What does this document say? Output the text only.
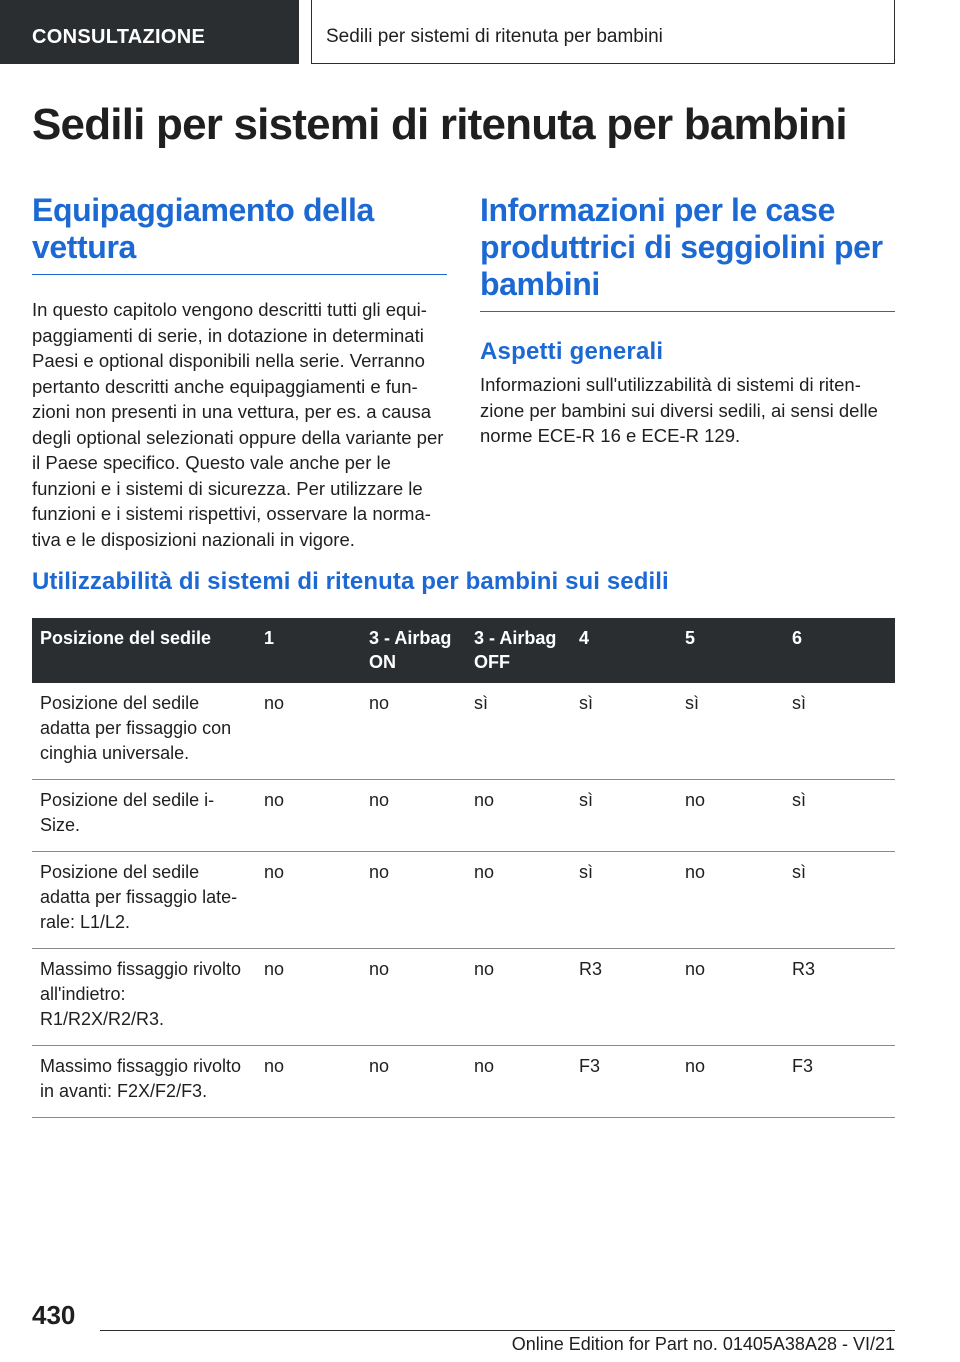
CONSULTAZIONE	Sedili per sistemi di ritenuta per bambini
Sedili per sistemi di ritenuta per bambini
Equipaggiamento della vettura

In questo capitolo vengono descritti tutti gli equipaggiamenti di serie, in dotazione in determinati Paesi e optional disponibili nella serie. Verranno pertanto descritti anche equipaggiamenti e funzioni non presenti in una vettura, per es. a causa degli optional selezionati oppure della variante per il Paese specifico. Questo vale anche per le funzioni e i sistemi di sicurezza. Per utilizzare le funzioni e i sistemi rispettivi, osservare la normativa e le disposizioni nazionali in vigore.

Informazioni per le case produttrici di seggiolini per bambini
Aspetti generali

Informazioni sull'utilizzabilità di sistemi di ritenzione per bambini sui diversi sedili, ai sensi delle norme ECE-R 16 e ECE-R 129.

Utilizzabilità di sistemi di ritenuta per bambini sui sedili
Posizione del sedile	1	3 - Airbag ON	3 - Airbag OFF	4	5	6
Posizione del sedile adatta per fissaggio con cinghia universale.	no	no	sì	sì	sì	sì
Posizione del sedile i-Size.	no	no	no	sì	no	sì
Posizione del sedile adatta per fissaggio laterale: L1/L2.	no	no	no	sì	no	sì
Massimo fissaggio rivolto all'indietro: R1/R2X/R2/R3.	no	no	no	R3	no	R3
Massimo fissaggio rivolto in avanti: F2X/F2/F3.	no	no	no	F3	no	F3
430
Online Edition for Part no. 01405A38A28 - VI/21
